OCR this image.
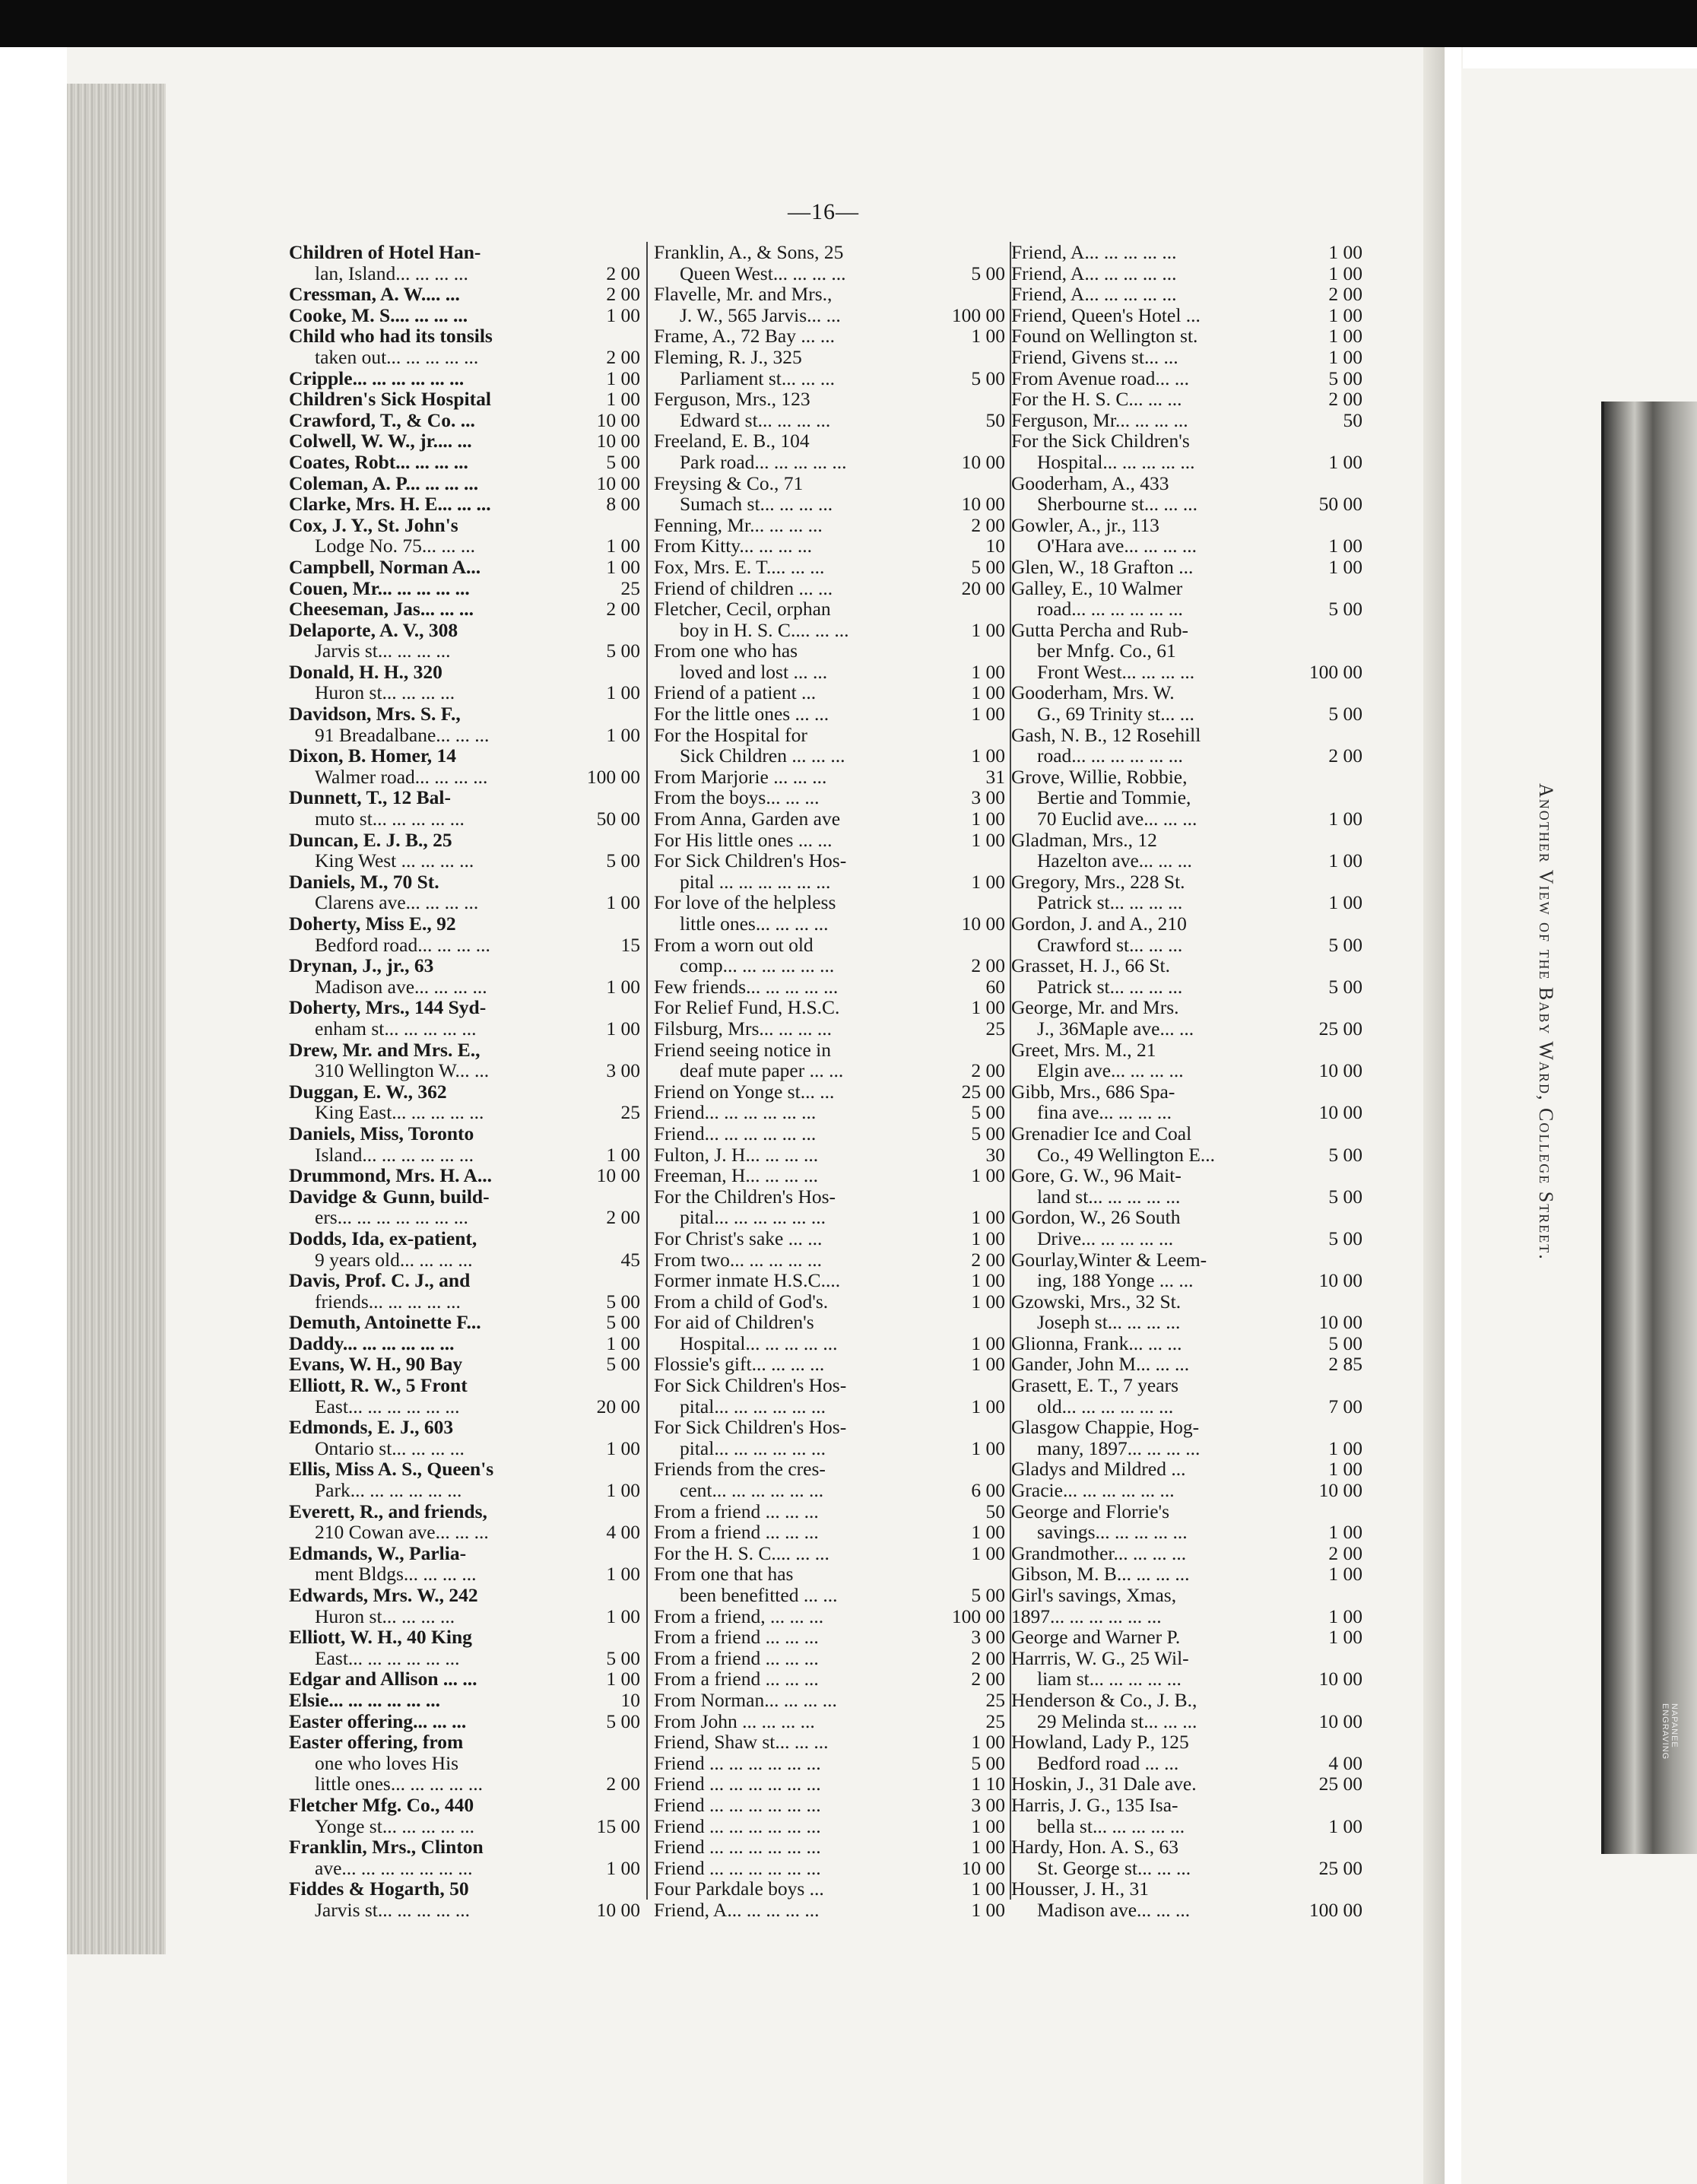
NAPANEE ENGRAVING
Another View of the Baby Ward, College Street.
—16—
Children of Hotel Han-
lan, Island... ... ... ...	2 00
Cressman, A. W.... ...	2 00
Cooke, M. S.... ... ... ...	1 00
Child who had its tonsils
taken out... ... ... ... ...	2 00
Cripple... ... ... ... ... ...	1 00
Children's Sick Hospital	1 00
Crawford, T., & Co. ...	10 00
Colwell, W. W., jr.... ...	10 00
Coates, Robt... ... ... ...	5 00
Coleman, A. P... ... ... ...	10 00
Clarke, Mrs. H. E... ... ...	8 00
Cox, J. Y., St. John's
Lodge No. 75... ... ...	1 00
Campbell, Norman A...	1 00
Couen, Mr... ... ... ... ...	25
Cheeseman, Jas... ... ...	2 00
Delaporte, A. V., 308
Jarvis st... ... ... ...	5 00
Donald, H. H., 320
Huron st... ... ... ...	1 00
Davidson, Mrs. S. F.,
91 Breadalbane... ... ...	1 00
Dixon, B. Homer, 14
Walmer road... ... ... ...	100 00
Dunnett, T., 12 Bal-
muto st... ... ... ... ...	50 00
Duncan, E. J. B., 25
King West ... ... ... ...	5 00
Daniels, M., 70 St.
Clarens ave... ... ... ...	1 00
Doherty, Miss E., 92
Bedford road... ... ... ...	15
Drynan, J., jr., 63
Madison ave... ... ... ...	1 00
Doherty, Mrs., 144 Syd-
enham st... ... ... ... ...	1 00
Drew, Mr. and Mrs. E.,
310 Wellington W... ...	3 00
Duggan, E. W., 362
King East... ... ... ... ...	25
Daniels, Miss, Toronto
Island... ... ... ... ... ...	1 00
Drummond, Mrs. H. A...	10 00
Davidge & Gunn, build-
ers... ... ... ... ... ... ...	2 00
Dodds, Ida, ex-patient,
9 years old... ... ... ...	45
Davis, Prof. C. J., and
friends... ... ... ... ...	5 00
Demuth, Antoinette F...	5 00
Daddy... ... ... ... ... ...	1 00
Evans, W. H., 90 Bay	5 00
Elliott, R. W., 5 Front
East... ... ... ... ... ...	20 00
Edmonds, E. J., 603
Ontario st... ... ... ...	1 00
Ellis, Miss A. S., Queen's
Park... ... ... ... ... ...	1 00
Everett, R., and friends,
210 Cowan ave... ... ...	4 00
Edmands, W., Parlia-
ment Bldgs... ... ... ...	1 00
Edwards, Mrs. W., 242
Huron st... ... ... ...	1 00
Elliott, W. H., 40 King
East... ... ... ... ... ...	5 00
Edgar and Allison ... ...	1 00
Elsie... ... ... ... ... ...	10
Easter offering... ... ...	5 00
Easter offering, from
one who loves His
little ones... ... ... ... ...	2 00
Fletcher Mfg. Co., 440
Yonge st... ... ... ... ...	15 00
Franklin, Mrs., Clinton
ave... ... ... ... ... ... ...	1 00
Fiddes & Hogarth, 50
Jarvis st... ... ... ... ...	10 00
Franklin, A., & Sons, 25
Queen West... ... ... ...	5 00
Flavelle, Mr. and Mrs.,
J. W., 565 Jarvis... ...	100 00
Frame, A., 72 Bay ... ...	1 00
Fleming, R. J., 325
Parliament st... ... ...	5 00
Ferguson, Mrs., 123
Edward st... ... ... ...	50
Freeland, E. B., 104
Park road... ... ... ... ...	10 00
Freysing & Co., 71
Sumach st... ... ... ...	10 00
Fenning, Mr... ... ... ...	2 00
From Kitty... ... ... ...	10
Fox, Mrs. E. T.... ... ...	5 00
Friend of children ... ...	20 00
Fletcher, Cecil, orphan
boy in H. S. C.... ... ...	1 00
From one who has
loved and lost ... ...	1 00
Friend of a patient ...	1 00
For the little ones ... ...	1 00
For the Hospital for
Sick Children ... ... ...	1 00
From Marjorie ... ... ...	31
From the boys... ... ...	3 00
From Anna, Garden ave	1 00
For His little ones ... ...	1 00
For Sick Children's Hos-
pital ... ... ... ... ... ...	1 00
For love of the helpless
little ones... ... ... ...	10 00
From a worn out old
comp... ... ... ... ... ...	2 00
Few friends... ... ... ... ...	60
For Relief Fund, H.S.C.	1 00
Filsburg, Mrs... ... ... ...	25
Friend seeing notice in
deaf mute paper ... ...	2 00
Friend on Yonge st... ...	25 00
Friend... ... ... ... ... ...	5 00
Friend... ... ... ... ... ...	5 00
Fulton, J. H... ... ... ...	30
Freeman, H... ... ... ...	1 00
For the Children's Hos-
pital... ... ... ... ... ...	1 00
For Christ's sake ... ...	1 00
From two... ... ... ... ...	2 00
Former inmate H.S.C....	1 00
From a child of God's.	1 00
For aid of Children's
Hospital... ... ... ... ...	1 00
Flossie's gift... ... ... ...	1 00
For Sick Children's Hos-
pital... ... ... ... ... ...	1 00
For Sick Children's Hos-
pital... ... ... ... ... ...	1 00
Friends from the cres-
cent... ... ... ... ... ...	6 00
From a friend ... ... ...	50
From a friend ... ... ...	1 00
For the H. S. C.... ... ...	1 00
From one that has
been benefitted ... ...	5 00
From a friend, ... ... ...	100 00
From a friend ... ... ...	3 00
From a friend ... ... ...	2 00
From a friend ... ... ...	2 00
From Norman... ... ... ...	25
From John ... ... ... ...	25
Friend, Shaw st... ... ...	1 00
Friend ... ... ... ... ... ...	5 00
Friend ... ... ... ... ... ...	1 10
Friend ... ... ... ... ... ...	3 00
Friend ... ... ... ... ... ...	1 00
Friend ... ... ... ... ... ...	1 00
Friend ... ... ... ... ... ...	10 00
Four Parkdale boys ...	1 00
Friend, A... ... ... ... ...	1 00
Friend, A... ... ... ... ...	1 00
Friend, A... ... ... ... ...	1 00
Friend, A... ... ... ... ...	2 00
Friend, Queen's Hotel ...	1 00
Found on Wellington st.	1 00
Friend, Givens st... ...	1 00
From Avenue road... ...	5 00
For the H. S. C... ... ...	2 00
Ferguson, Mr... ... ... ...	50
For the Sick Children's
Hospital... ... ... ... ...	1 00
Gooderham, A., 433
Sherbourne st... ... ...	50 00
Gowler, A., jr., 113
O'Hara ave... ... ... ...	1 00
Glen, W., 18 Grafton ...	1 00
Galley, E., 10 Walmer
road... ... ... ... ... ...	5 00
Gutta Percha and Rub-
ber Mnfg. Co., 61
Front West... ... ... ...	100 00
Gooderham, Mrs. W.
G., 69 Trinity st... ...	5 00
Gash, N. B., 12 Rosehill
road... ... ... ... ... ...	2 00
Grove, Willie, Robbie,
Bertie and Tommie,
70 Euclid ave... ... ...	1 00
Gladman, Mrs., 12
Hazelton ave... ... ...	1 00
Gregory, Mrs., 228 St.
Patrick st... ... ... ...	1 00
Gordon, J. and A., 210
Crawford st... ... ...	5 00
Grasset, H. J., 66 St.
Patrick st... ... ... ...	5 00
George, Mr. and Mrs.
J., 36Maple ave... ...	25 00
Greet, Mrs. M., 21
Elgin ave... ... ... ...	10 00
Gibb, Mrs., 686 Spa-
fina ave... ... ... ...	10 00
Grenadier Ice and Coal
Co., 49 Wellington E...	5 00
Gore, G. W., 96 Mait-
land st... ... ... ... ...	5 00
Gordon, W., 26 South
Drive... ... ... ... ...	5 00
Gourlay,Winter & Leem-
ing, 188 Yonge ... ...	10 00
Gzowski, Mrs., 32 St.
Joseph st... ... ... ...	10 00
Glionna, Frank... ... ...	5 00
Gander, John M... ... ...	2 85
Grasett, E. T., 7 years
old... ... ... ... ... ...	7 00
Glasgow Chappie, Hog-
many, 1897... ... ... ...	1 00
Gladys and Mildred ...	1 00
Gracie... ... ... ... ... ...	10 00
George and Florrie's
savings... ... ... ... ...	1 00
Grandmother... ... ... ...	2 00
Gibson, M. B... ... ... ...	1 00
Girl's savings, Xmas,
1897... ... ... ... ... ...	1 00
George and Warner P.	1 00
Harrris, W. G., 25 Wil-
liam st... ... ... ... ...	10 00
Henderson & Co., J. B.,
29 Melinda st... ... ...	10 00
Howland, Lady P., 125
Bedford road ... ...	4 00
Hoskin, J., 31 Dale ave.	25 00
Harris, J. G., 135 Isa-
bella st... ... ... ... ...	1 00
Hardy, Hon. A. S., 63
St. George st... ... ...	25 00
Housser, J. H., 31
Madison ave... ... ...	100 00
